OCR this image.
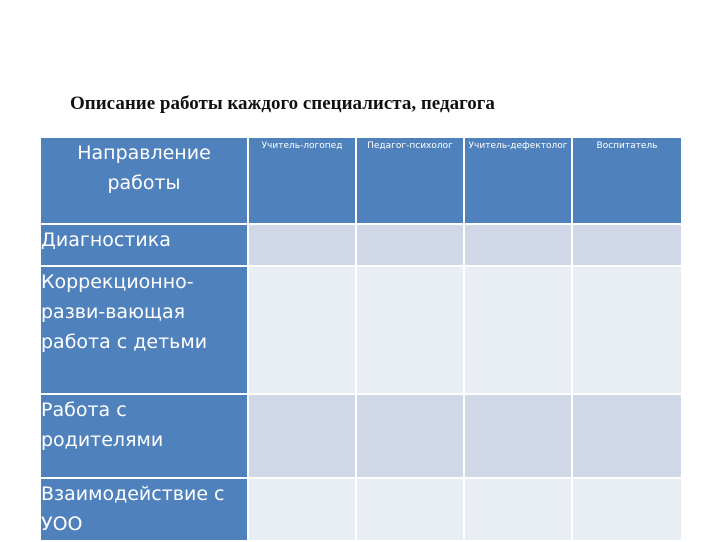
Описание работы каждого специалиста, педагога
Направление работы	Учитель-логопед	Педагог-психолог	Учитель-дефектолог	Воспитатель
Диагностика				
Коррекционно-разви-вающая работа с детьми				
Работа с родителями				
Взаимодействие с УОО				
